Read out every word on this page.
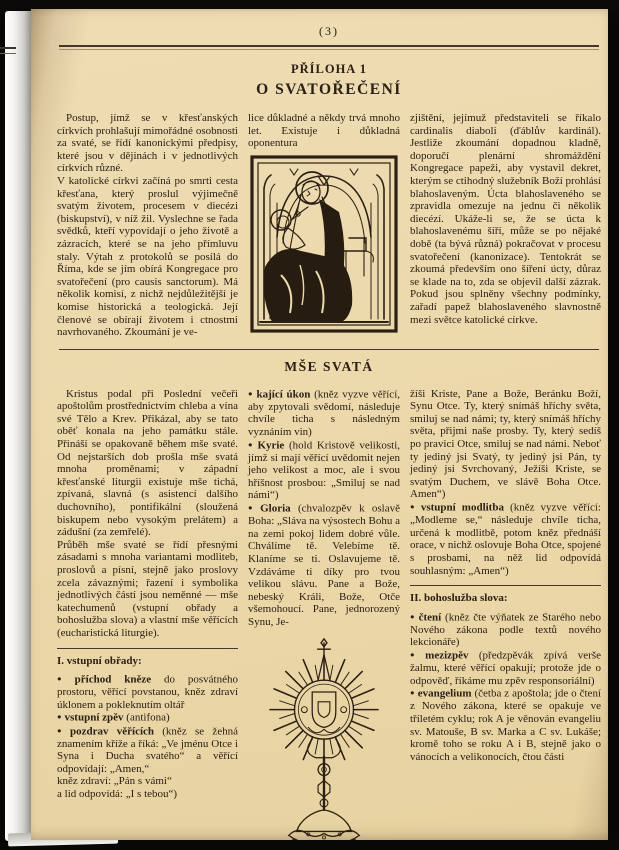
(3)
PŘÍLOHA 1
O SVATOŘEČENÍ

Postup, jímž se v křesťanských církvích prohlašují mimořádné osobnosti za svaté, se řídí kanonickými předpisy, které jsou v dějinách i v jednotlivých církvích různé.

V katolické církvi začíná po smrti cesta křesťana, který proslul výjimečně svatým životem, procesem v diecézi (biskupství), v níž žil. Vyslechne se řada svědků, kteří vypovídají o jeho životě a zázracích, které se na jeho přímluvu staly. Výtah z protokolů se posílá do Říma, kde se jím obírá Kongregace pro svatořečení (pro causis sanctorum). Má několik komisí, z nichž nejdůležitější je komise historická a teologická. Její členové se obírají životem i ctnostmi navrhovaného. Zkoumání je ve-

lice důkladné a někdy trvá mnoho let. Existuje i důkladná oponentura

zjištění, jejímuž představiteli se říkalo cardinalis diaboli (ďáblův kardinál). Jestliže zkoumání dopadnou kladně, doporučí plenární shromáždění Kongregace papeži, aby vystavil dekret, kterým se ctihodný služebník Boží prohlásí blahoslaveným. Úcta blahoslaveného se zpravidla omezuje na jednu či několik diecézí. Ukáže-li se, že se úcta k blahoslavenému šíří, může se po nějaké době (ta bývá různá) pokračovat v procesu svatořečení (kanonizace). Tentokrát se zkoumá především ono šíření úcty, důraz se klade na to, zda se objevil další zázrak. Pokud jsou splněny všechny podmínky, zařadí papež blahoslaveného slavnostně mezi světce katolické církve.

MŠE SVATÁ

Kristus podal při Poslední večeři apoštolům prostřednictvím chleba a vína své Tělo a Krev. Přikázal, aby se tato oběť konala na jeho památku stále. Přináší se opakovaně během mše svaté. Od nejstarších dob prošla mše svatá mnoha proměnami; v západní křesťanské liturgii existuje mše tichá, zpívaná, slavná (s asistencí dalšího duchovního), pontifikální (sloužená biskupem nebo vysokým prelátem) a zádušní (za zemřelé).

Průběh mše svaté se řídí přesnými zásadami s mnoha variantami modliteb, proslovů a písní, stejně jako proslovy zcela závaznými; řazení i symbolika jednotlivých částí jsou neměnné — mše katechumenů (vstupní obřady a bohoslužba slova) a vlastní mše věřících (eucharistická liturgie).

I. vstupní obřady:

● příchod kněze do posvátného prostoru, věřící povstanou, kněz zdraví úklonem a pokleknutím oltář

● vstupní zpěv (antifona)

● pozdrav věřících (kněz se žehná znamením kříže a říká: „Ve jménu Otce i Syna i Ducha svatého“ a věřící odpovídají: „Amen,“

kněz zdraví: „Pán s vámi“

a lid odpovídá: „I s tebou“)

● kající úkon (kněz vyzve věřící, aby zpytovali svědomí, následuje chvíle ticha s následným vyznáním vin)

● Kyrie (hold Kristově velikosti, jímž si mají věřící uvědomit nejen jeho velikost a moc, ale i svou hříšnost prosbou: „Smiluj se nad námi“)

● Gloria (chvalozpěv k oslavě Boha: „Sláva na výsostech Bohu a na zemi pokoj lidem dobré vůle. Chválíme tě. Velebíme tě. Klaníme se ti. Oslavujeme tě. Vzdáváme ti díky pro tvou velikou slávu. Pane a Bože, nebeský Králi, Bože, Otče všemohoucí. Pane, jednorozený Synu, Je-

žíši Kriste, Pane a Bože, Beránku Boží, Synu Otce. Ty, který snímáš hříchy světa, smiluj se nad námi; ty, který snímáš hříchy světa, přijmi naše prosby. Ty, který sedíš po pravici Otce, smiluj se nad námi. Neboť ty jediný jsi Svatý, ty jediný jsi Pán, ty jediný jsi Svrchovaný, Ježíši Kriste, se svatým Duchem, ve slávě Boha Otce. Amen“)

● vstupní modlitba (kněz vyzve věřící: „Modleme se,“ následuje chvíle ticha, určená k modlitbě, potom kněz přednáší orace, v nichž oslovuje Boha Otce, spojené s prosbami, na něž lid odpovídá souhlasným: „Amen“)

II. bohoslužba slova:

● čtení (kněz čte výňatek ze Starého nebo Nového zákona podle textů nového lekcionáře)

● mezizpěv (předzpěvák zpívá verše žalmu, které věřící opakují; protože jde o odpověď, říkáme mu zpěv responsoriální)

● evangelium (četba z apoštola; jde o čtení z Nového zákona, které se opakuje ve tříletém cyklu; rok A je věnován evangeliu sv. Matouše, B sv. Marka a C sv. Lukáše; kromě toho se roku A i B, stejně jako o vánocích a velikonocích, čtou části
